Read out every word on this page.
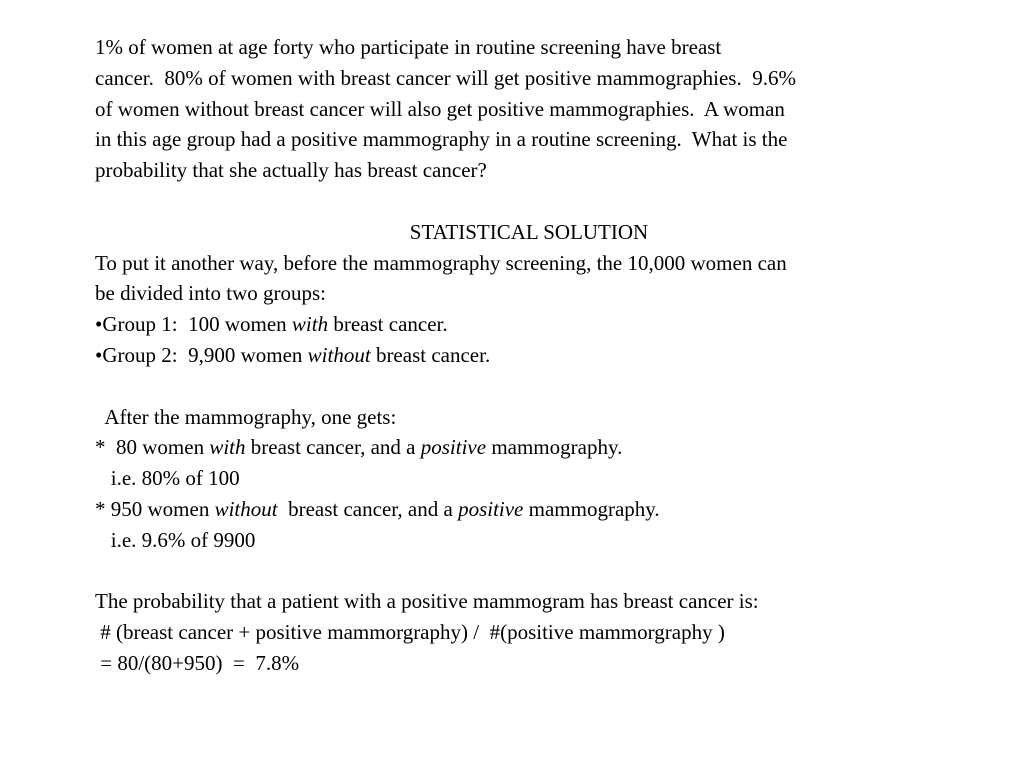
1% of women at age forty who participate in routine screening have breast
cancer.  80% of women with breast cancer will get positive mammographies.  9.6%
of women without breast cancer will also get positive mammographies.  A woman
in this age group had a positive mammography in a routine screening.  What is the
probability that she actually has breast cancer?
STATISTICAL SOLUTION
To put it another way, before the mammography screening, the 10,000 women can
be divided into two groups:
•Group 1:  100 women with breast cancer.
•Group 2:  9,900 women without breast cancer.
After the mammography, one gets:
*  80 women with breast cancer, and a positive mammography.
i.e. 80% of 100
* 950 women without  breast cancer, and a positive mammography.
i.e. 9.6% of 9900
The probability that a patient with a positive mammogram has breast cancer is:
# (breast cancer + positive mammorgraphy) /  #(positive mammorgraphy )
= 80/(80+950)  =  7.8%
